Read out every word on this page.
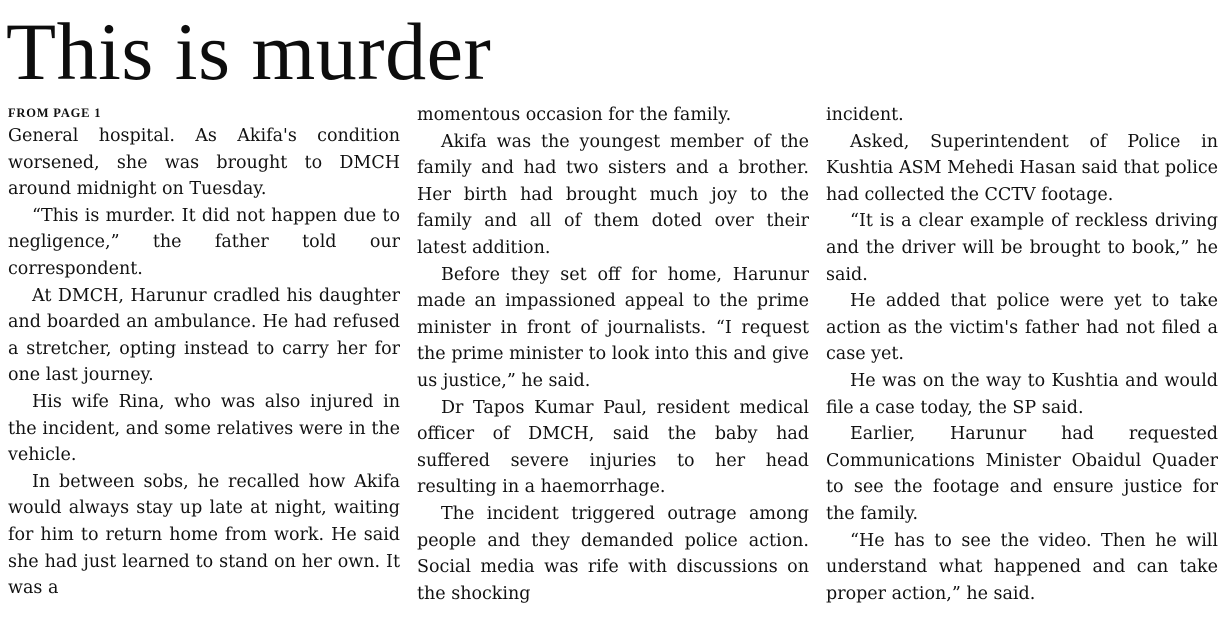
This is murder
FROM PAGE 1

General hospital. As Akifa's condition worsened, she was brought to DMCH around midnight on Tuesday.

“This is murder. It did not happen due to negligence,” the father told our correspondent.

At DMCH, Harunur cradled his daughter and boarded an ambulance. He had refused a stretcher, opting instead to carry her for one last journey.

His wife Rina, who was also injured in the incident, and some relatives were in the vehicle.

In between sobs, he recalled how Akifa would always stay up late at night, waiting for him to return home from work. He said she had just learned to stand on her own. It was a

momentous occasion for the family.

Akifa was the youngest member of the family and had two sisters and a brother. Her birth had brought much joy to the family and all of them doted over their latest addition.

Before they set off for home, Harunur made an impassioned appeal to the prime minister in front of journalists. “I request the prime minister to look into this and give us justice,” he said.

Dr Tapos Kumar Paul, resident medical officer of DMCH, said the baby had suffered severe injuries to her head resulting in a haemorrhage.

The incident triggered outrage among people and they demanded police action. Social media was rife with discussions on the shocking

incident.

Asked, Superintendent of Police in Kushtia ASM Mehedi Hasan said that police had collected the CCTV footage.

“It is a clear example of reckless driving and the driver will be brought to book,” he said.

He added that police were yet to take action as the victim's father had not filed a case yet.

He was on the way to Kushtia and would file a case today, the SP said.

Earlier, Harunur had requested Communications Minister Obaidul Quader to see the footage and ensure justice for the family.

“He has to see the video. Then he will understand what happened and can take proper action,” he said.
